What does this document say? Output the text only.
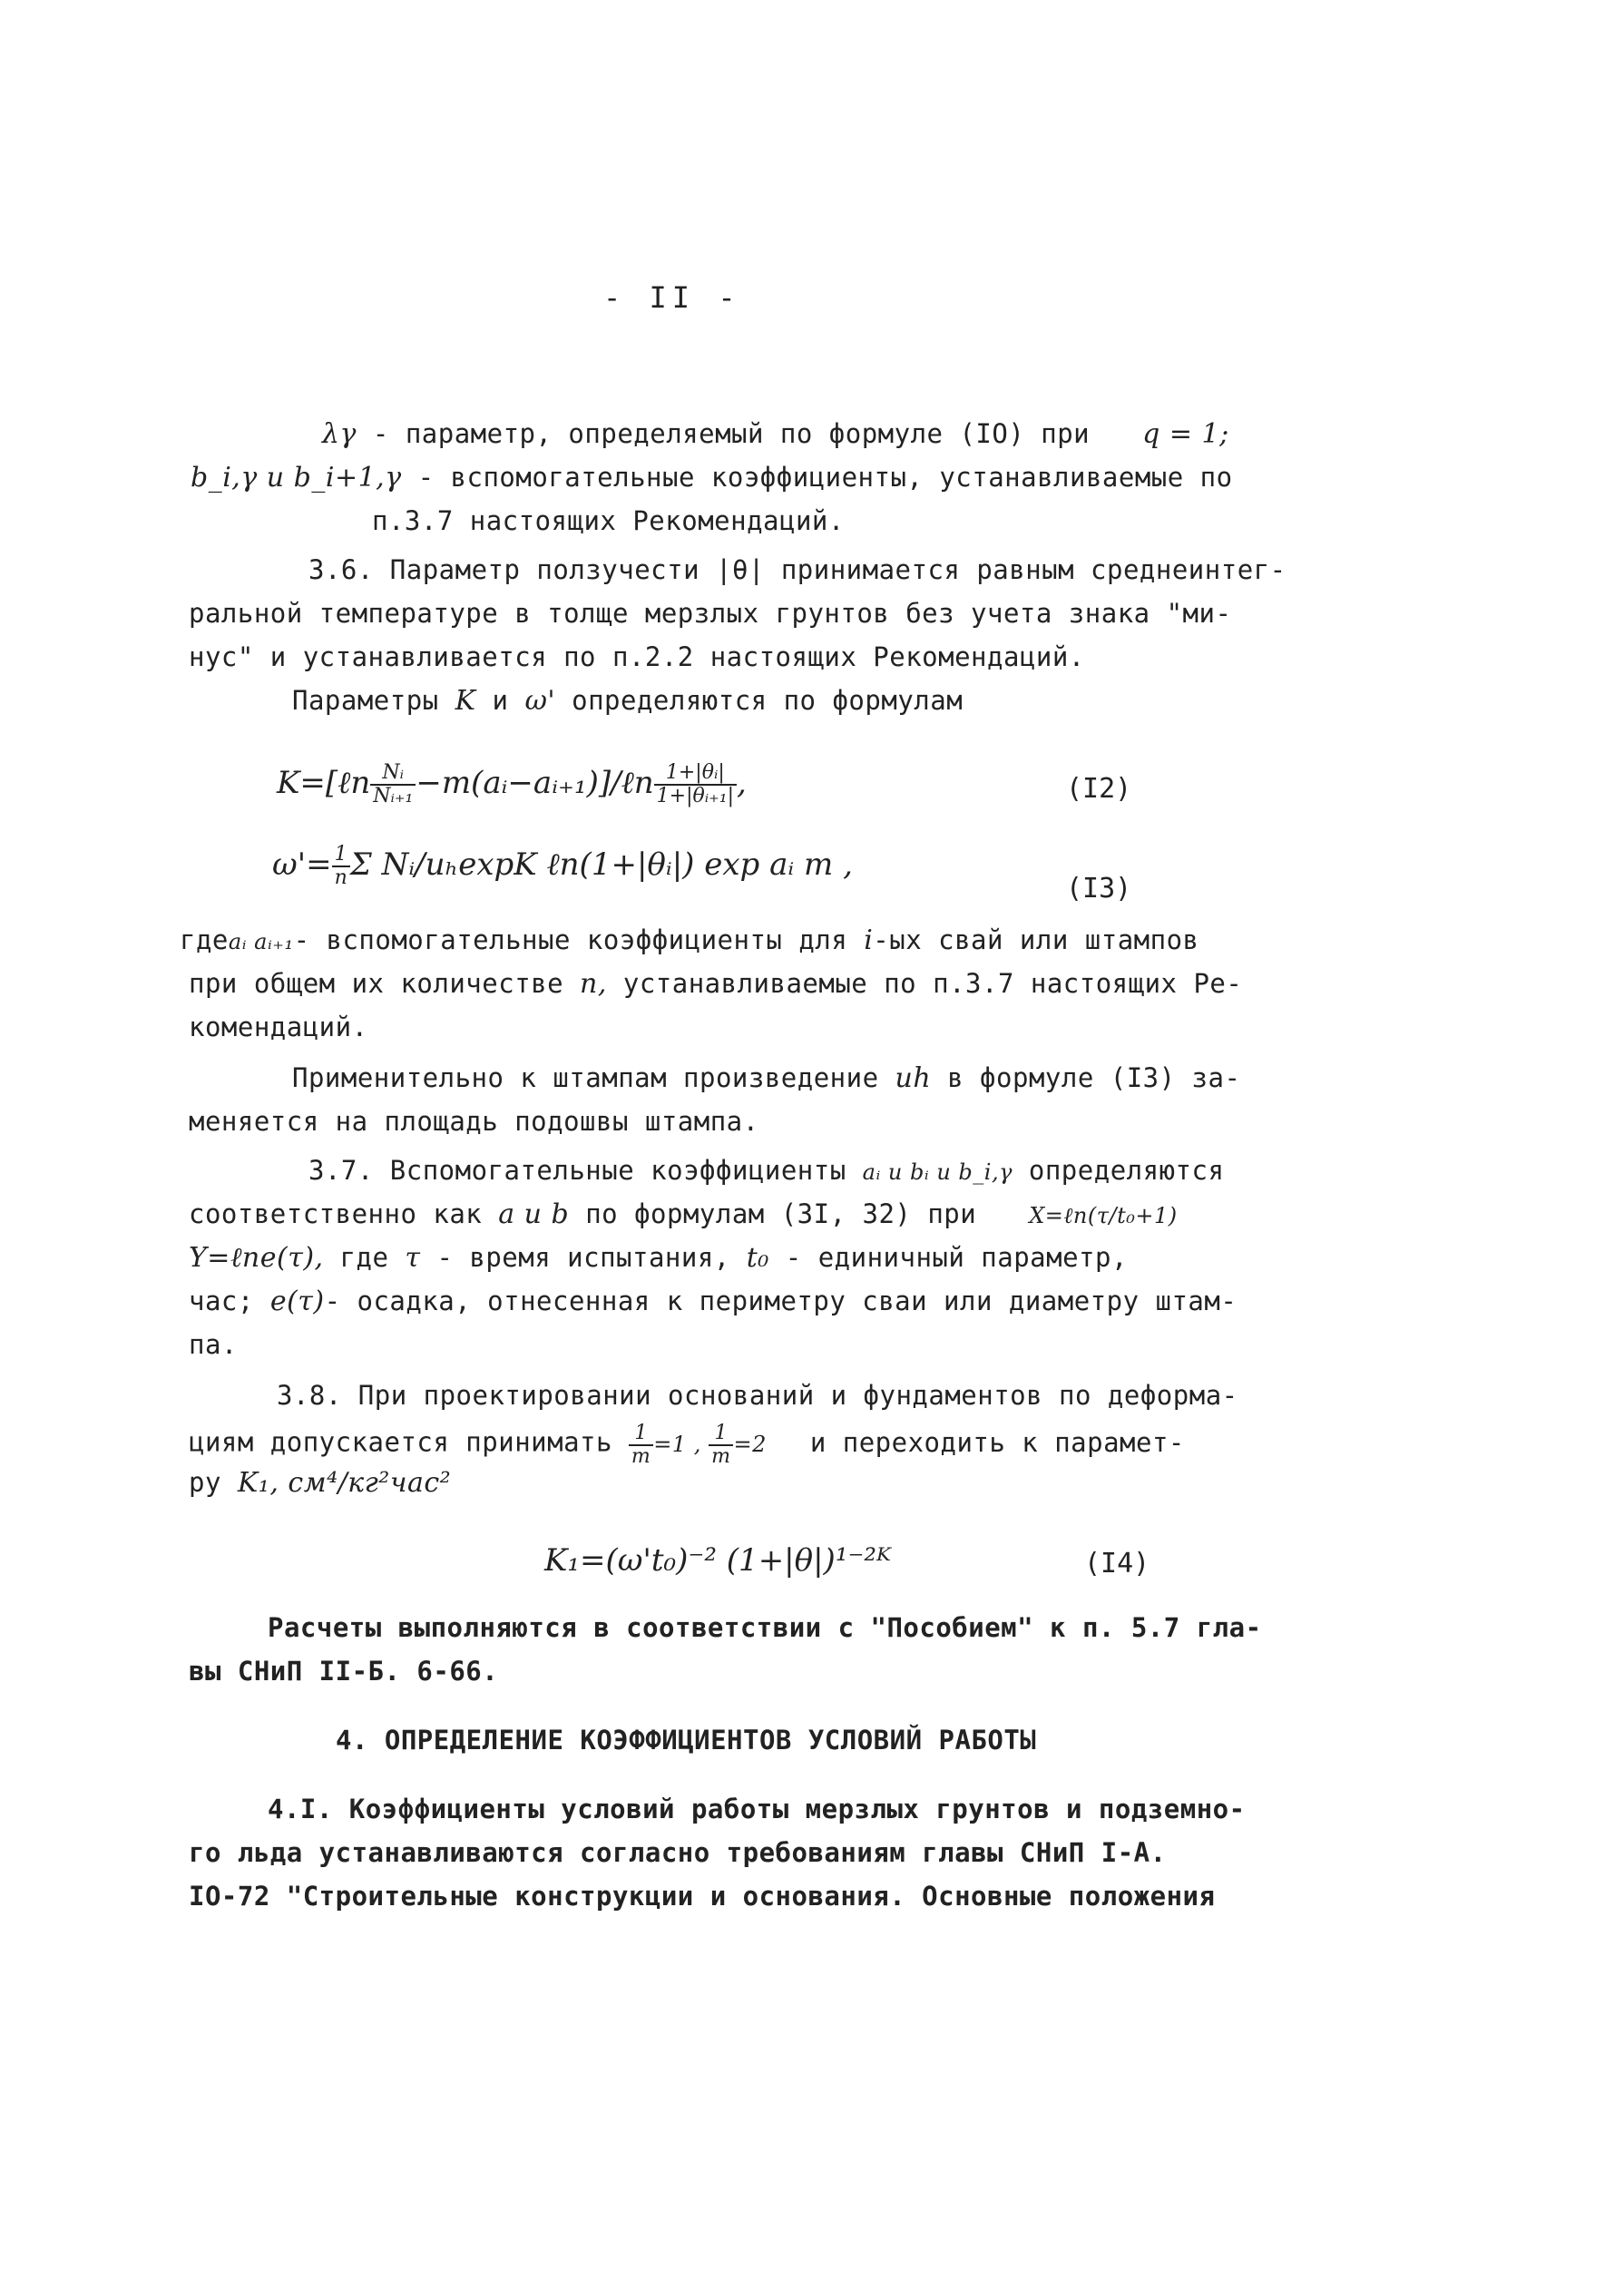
- II -
λγ - параметр, определяемый по формуле (IO) при q = 1;
b_i,γ и b_i+1,γ - вспомогательные коэффициенты, устанавливаемые по
п.3.7 настоящих Рекомендаций.
3.6. Параметр ползучести |θ| принимается равным среднеинтег-
ральной температуре в толще мерзлых грунтов без учета знака "ми-
нус" и устанавливается по п.2.2 настоящих Рекомендаций.
Параметры K и ω' определяются по формулам
K=[ℓn $\frac{\text{Nᵢ}}{\text{Nᵢ₊₁}}$ −m(aᵢ−aᵢ₊₁)]/ℓn $\frac{\text{1+|θᵢ|}}{\text{1+|θᵢ₊₁|}}$ ,	(I2)
$\omega'= \frac{1}{n}$ Σ Nᵢ/uₕexpK ℓn(1+|θᵢ|) exp aᵢ m ,
(I3)
гдеaᵢ aᵢ₊₁- вспомогательные коэффициенты для i-ых свай или штампов
при общем их количестве n, устанавливаемые по п.3.7 настоящих Ре-
комендаций.
Применительно к штампам произведение uh в формуле (I3) за-
меняется на площадь подошвы штампа.
3.7. Вспомогательные коэффициенты aᵢ и bᵢ и b_i,γ определяются
соответственно как a и b по формулам (3I, 32) при X=ℓn(τ/t₀+1)
Y=ℓne(τ), где τ - время испытания, t₀ - единичный параметр,
час; e(τ)- осадка, отнесенная к периметру сваи или диаметру штам-
па.
3.8. При проектировании оснований и фундаментов по деформа-
циям допускается принимать $\frac{1}{m} =1$ , $\frac{1}{m} =2$ и переходить к парамет-
ру K₁, см⁴/кг²час²
K₁=(ω't₀)⁻² (1+|θ|)¹⁻²ᴷ	(I4)
Расчеты выполняются в соответствии с "Пособием" к п. 5.7 гла-
вы СНиП II-Б. 6-66.
4. ОПРЕДЕЛЕНИЕ КОЭФФИЦИЕНТОВ УСЛОВИЙ РАБОТЫ
4.I. Коэффициенты условий работы мерзлых грунтов и подземно-
го льда устанавливаются согласно требованиям главы СНиП I-А.
IO-72 "Строительные конструкции и основания. Основные положения
